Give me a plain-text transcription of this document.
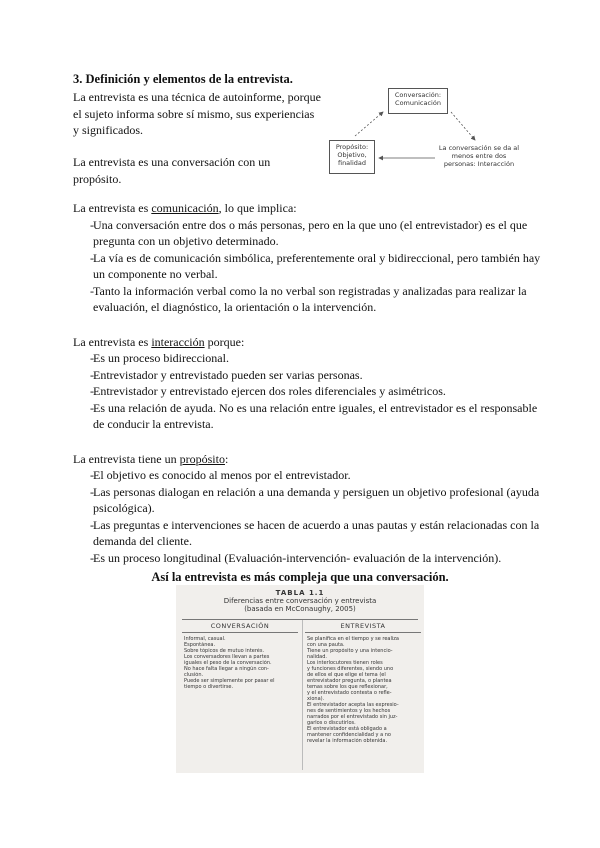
3. Definición y elementos de la entrevista.
La entrevista es una técnica de autoinforme, porque el sujeto informa sobre sí mismo, sus experiencias y significados.
La entrevista es una conversación con un propósito.
Conversación: Comunicación
Propósito: Objetivo, finalidad
La conversación se da al menos entre dos personas: Interacción
La entrevista es comunicación, lo que implica:
- Una conversación entre dos o más personas, pero en la que uno (el entrevistador) es el que pregunta con un objetivo determinado.
- La vía es de comunicación simbólica, preferentemente oral y bidireccional, pero también hay un componente no verbal.
- Tanto la información verbal como la no verbal son registradas y analizadas para realizar la evaluación, el diagnóstico, la orientación o la intervención.
La entrevista es interacción porque:
- Es un proceso bidireccional.
- Entrevistador y entrevistado pueden ser varias personas.
- Entrevistador y entrevistado ejercen dos roles diferenciales y asimétricos.
- Es una relación de ayuda. No es una relación entre iguales, el entrevistador es el responsable de conducir la entrevista.
La entrevista tiene un propósito:
- El objetivo es conocido al menos por el entrevistador.
- Las personas dialogan en relación a una demanda y persiguen un objetivo profesional (ayuda psicológica).
- Las preguntas e intervenciones se hacen de acuerdo a unas pautas y están relacionadas con la demanda del cliente.
- Es un proceso longitudinal (Evaluación-intervención- evaluación de la intervención).
Así la entrevista es más compleja que una conversación.
TABLA 1.1
Diferencias entre conversación y entrevista
(basada en McConaughy, 2005)
CONVERSACIÓN
Informal, casual.
Espontánea.
Sobre tópicos de mutuo interés.
Los conversadores llevan a partes
iguales el peso de la conversación.
No hace falta llegar a ningún con-
clusión.
Puede ser simplemente por pasar el
tiempo o divertirse.
ENTREVISTA
Se planifica en el tiempo y se realiza
con una pauta.
Tiene un propósito y una intencio-
nalidad.
Los interlocutores tienen roles
y funciones diferentes, siendo uno
de ellos el que elige el tema (el
entrevistador pregunta, o plantea
temas sobre los que reflexionar,
y el entrevistado contesta o refle-
xiona).
El entrevistador acepta las expresio-
nes de sentimientos y los hechos
narrados por el entrevistado sin juz-
garlos o discutirlos.
El entrevistador está obligado a
mantener confidencialidad y a no
revelar la información obtenida.
